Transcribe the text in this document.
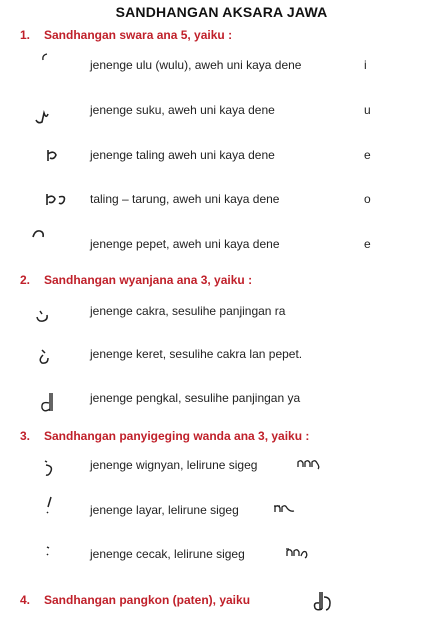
SANDHANGAN AKSARA JAWA
1. Sandhangan swara ana 5, yaiku :
jenenge ulu (wulu), aweh uni kaya dene	i
jenenge suku, aweh uni kaya dene	u
jenenge taling aweh uni kaya dene	e
taling – tarung, aweh uni kaya dene	o
jenenge pepet, aweh uni kaya dene	e
2. Sandhangan wyanjana ana 3, yaiku :
jenenge cakra, sesulihe panjingan ra
jenenge keret, sesulihe cakra lan pepet.
jenenge pengkal, sesulihe panjingan ya
3. Sandhangan panyigeging wanda ana 3, yaiku :
jenenge wignyan, lelirune sigeg
jenenge layar, lelirune sigeg
jenenge cecak, lelirune sigeg
4. Sandhangan pangkon (paten), yaiku
